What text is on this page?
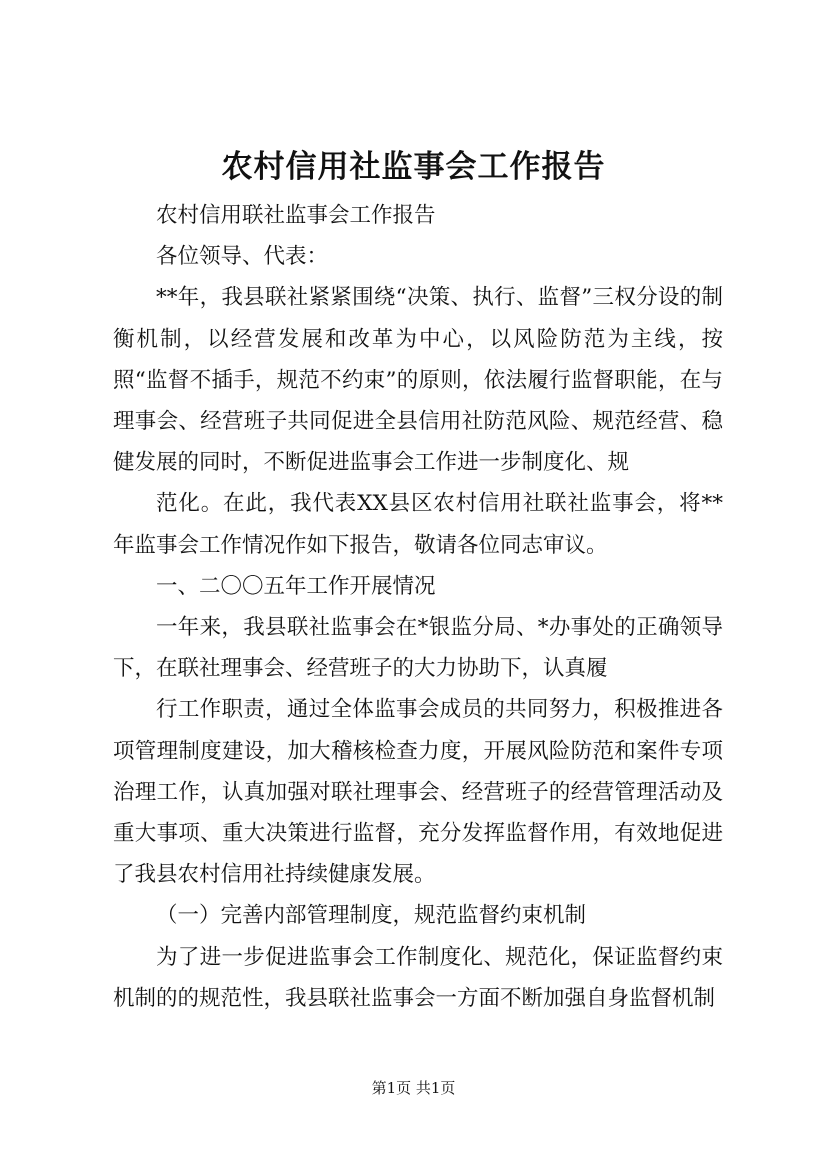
农村信用社监事会工作报告

农村信用联社监事会工作报告

各位领导、代表：

**年，我县联社紧紧围绕“决策、执行、监督”三权分设的制衡机制，以经营发展和改革为中心，以风险防范为主线，按照“监督不插手，规范不约束”的原则，依法履行监督职能，在与理事会、经营班子共同促进全县信用社防范风险、规范经营、稳健发展的同时，不断促进监事会工作进一步制度化、规

范化。在此，我代表XX县区农村信用社联社监事会，将**年监事会工作情况作如下报告，敬请各位同志审议。

一、二〇〇五年工作开展情况

一年来，我县联社监事会在*银监分局、*办事处的正确领导下，在联社理事会、经营班子的大力协助下，认真履

行工作职责，通过全体监事会成员的共同努力，积极推进各项管理制度建设，加大稽核检查力度，开展风险防范和案件专项治理工作，认真加强对联社理事会、经营班子的经营管理活动及重大事项、重大决策进行监督，充分发挥监督作用，有效地促进了我县农村信用社持续健康发展。

（一）完善内部管理制度，规范监督约束机制

为了进一步促进监事会工作制度化、规范化，保证监督约束机制的的规范性，我县联社监事会一方面不断加强自身监督机制

第1页 共1页
